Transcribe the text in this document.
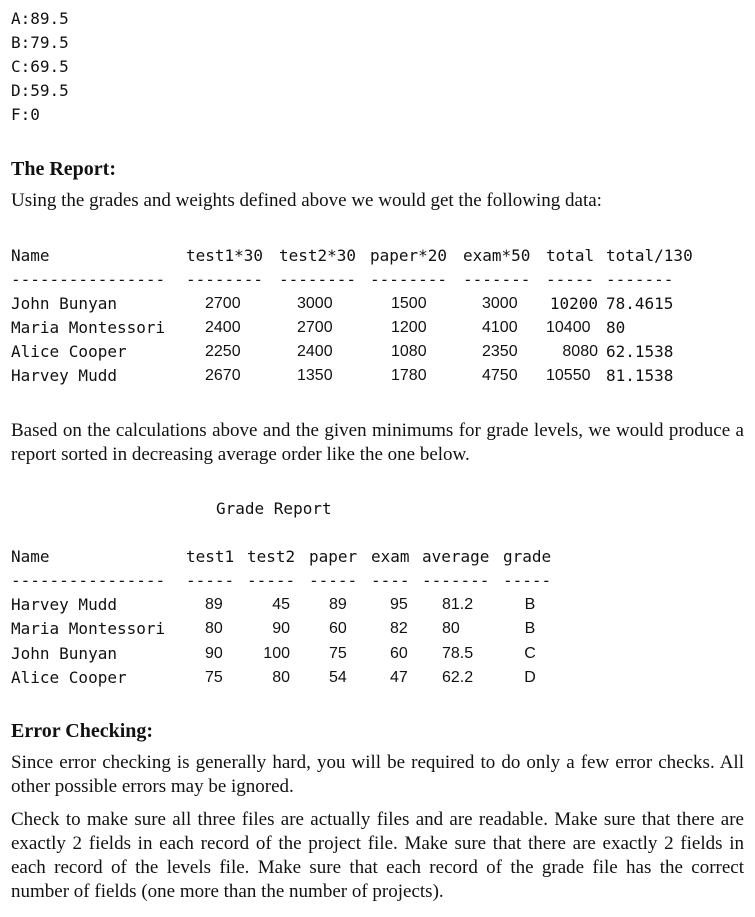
A:89.5
B:79.5
C:69.5
D:59.5
F:0
The Report:
Using the grades and weights defined above we would get the following data:
Name	test1*30 test2*30 paper*20 exam*50 total total/130
---------------- -------- -------- -------- ------- ----- -------
John Bunyan	2700	3000	1500	3000	10200 78.4615
Maria Montessori 2400	2700	1200	4100 10400 80
Alice Cooper	2250	2400	1080	2350	8080 62.1538
Harvey Mudd	2670	1350	1780	4750 10550 81.1538
Based on the calculations above and the given minimums for grade levels, we would produce a report sorted in decreasing average order like the one below.
Grade Report
Name	test1 test2 paper exam average grade
---------------- ----- ----- ----- ---- ------- -----
Harvey Mudd	89	45 89	95 81.2	B
Maria Montessori 80	90 60	82 80	B
John Bunyan	90	100 75	60 78.5	C
Alice Cooper	75	80 54	47 62.2	D
Error Checking:
Since error checking is generally hard, you will be required to do only a few error checks. All other possible errors may be ignored.
Check to make sure all three files are actually files and are readable. Make sure that there are exactly 2 fields in each record of the project file. Make sure that there are exactly 2 fields in each record of the levels file. Make sure that each record of the grade file has the correct number of fields (one more than the number of projects).
